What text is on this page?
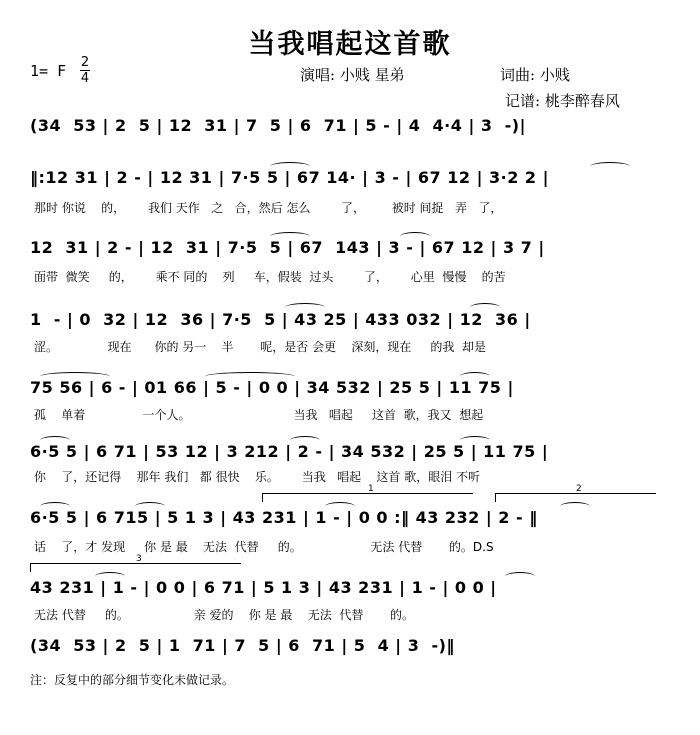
当我唱起这首歌
1= F 2
4	演唱: 小贱 星弟	词曲: 小贱
记谱: 桃李醉春风
(34  53 | 2  5 | 12  31 | 7  5 | 6  71 | 5 - | 4  4·4 | 3  -)|
‖:12 31 | 2 - | 12 31 | 7·5 5 | 67 14· | 3 - | 67 12 | 3·2 2 |
那时 你说    的，      我们 天作   之   合，然后 怎么        了，       被时 间捉   弄   了，
12  31 | 2 - | 12  31 | 7·5  5 | 67  143 | 3 - | 67 12 | 3 7 |
面带  微笑     的，      乘不 同的    列     车，假装  过头        了，      心里  慢慢    的苦
1  - | 0  32 | 12  36 | 7·5  5 | 43 25 | 433 032 | 12  36 |
涩。             现在      你的 另一    半       呢，是否 会更    深刻，现在     的我  却是
75 56 | 6 - | 01 66 | 5 - | 0 0 | 34 532 | 25 5 | 11 75 |
孤    单着               一个人。                           当我   唱起     这首  歌，我又  想起
6·5 5 | 6 71 | 53 12 | 3 212 | 2 - | 34 532 | 25 5 | 11 75 |
你    了，还记得    那年 我们   都 很快    乐。      当我   唱起    这首 歌，眼泪 不听
1	2
6·5 5 | 6 715 | 5 1 3 | 43 231 | 1 - | 0 0 :‖ 43 232 | 2 - ‖
话    了，才 发现     你 是 最    无法  代替     的。                  无法 代替       的。D.S
3
43 231 | 1 - | 0 0 | 6 71 | 5 1 3 | 43 231 | 1 - | 0 0 |
无法 代替     的。                 亲 爱的    你 是 最    无法  代替       的。
(34  53 | 2  5 | 1  71 | 7  5 | 6  71 | 5  4 | 3  -)‖
注：反复中的部分细节变化未做记录。
